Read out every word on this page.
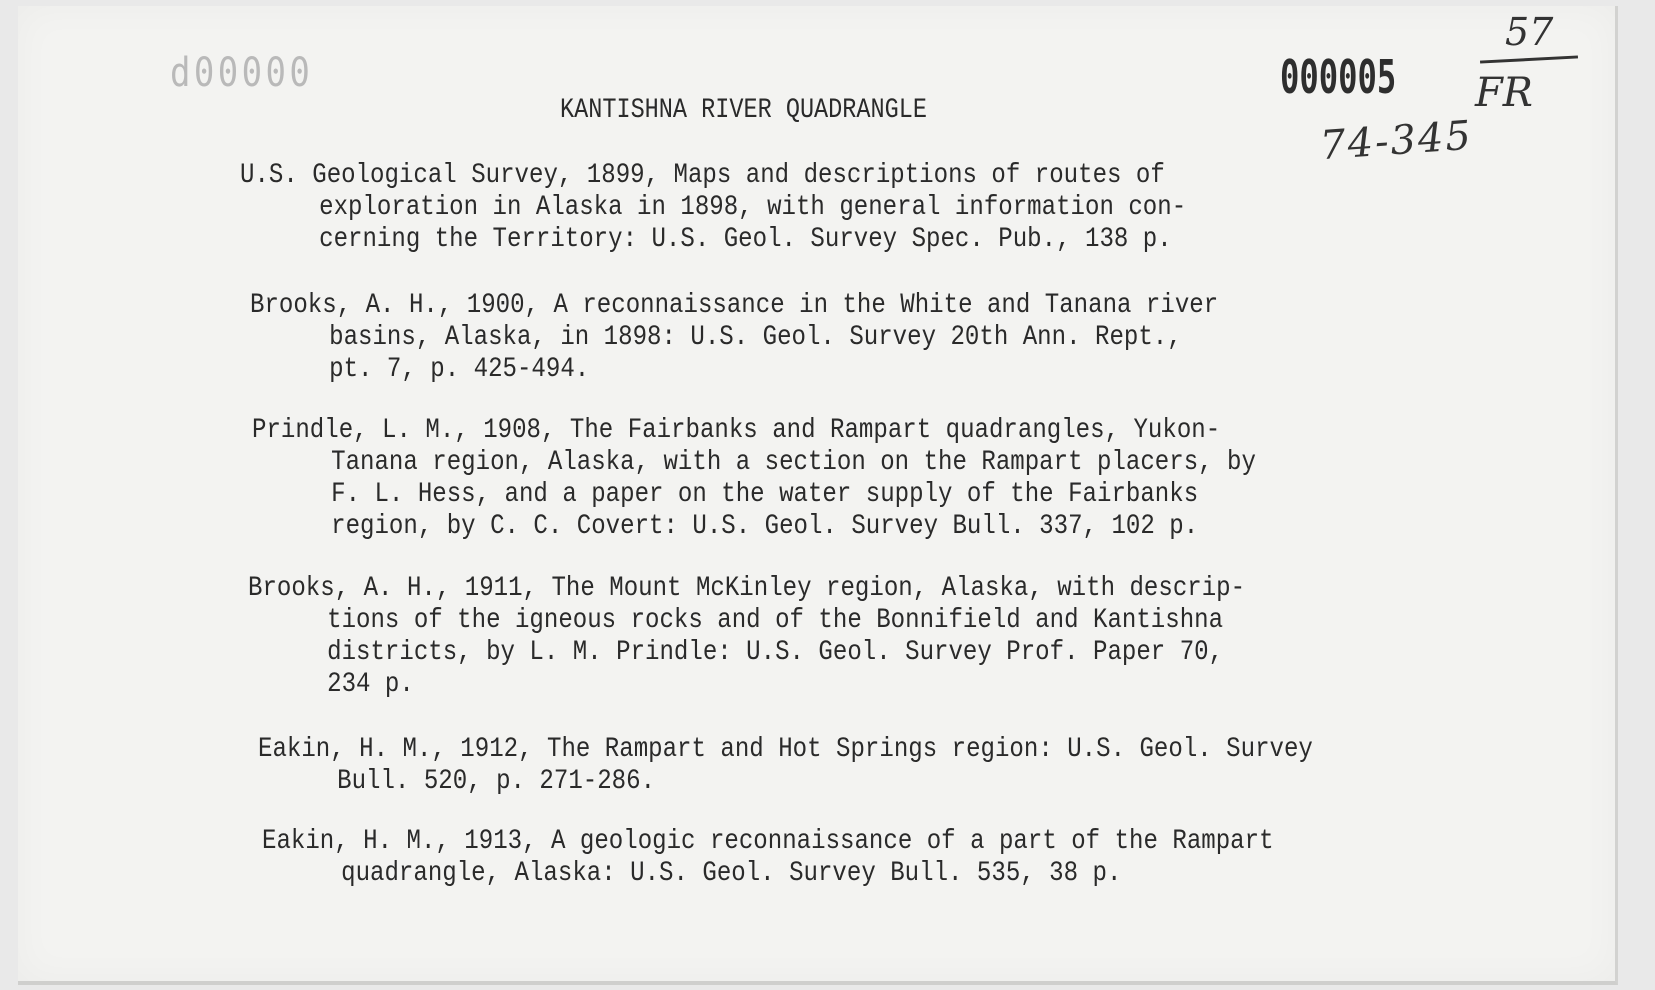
d00000	000005
57
FR
74-345
KANTISHNA RIVER QUADRANGLE
U.S. Geological Survey, 1899, Maps and descriptions of routes of
exploration in Alaska in 1898, with general information con-
cerning the Territory: U.S. Geol. Survey Spec. Pub., 138 p.
Brooks, A. H., 1900, A reconnaissance in the White and Tanana river
basins, Alaska, in 1898: U.S. Geol. Survey 20th Ann. Rept.,
pt. 7, p. 425-494.
Prindle, L. M., 1908, The Fairbanks and Rampart quadrangles, Yukon-
Tanana region, Alaska, with a section on the Rampart placers, by
F. L. Hess, and a paper on the water supply of the Fairbanks
region, by C. C. Covert: U.S. Geol. Survey Bull. 337, 102 p.
Brooks, A. H., 1911, The Mount McKinley region, Alaska, with descrip-
tions of the igneous rocks and of the Bonnifield and Kantishna
districts, by L. M. Prindle: U.S. Geol. Survey Prof. Paper 70,
234 p.
Eakin, H. M., 1912, The Rampart and Hot Springs region: U.S. Geol. Survey
Bull. 520, p. 271-286.
Eakin, H. M., 1913, A geologic reconnaissance of a part of the Rampart
quadrangle, Alaska: U.S. Geol. Survey Bull. 535, 38 p.
